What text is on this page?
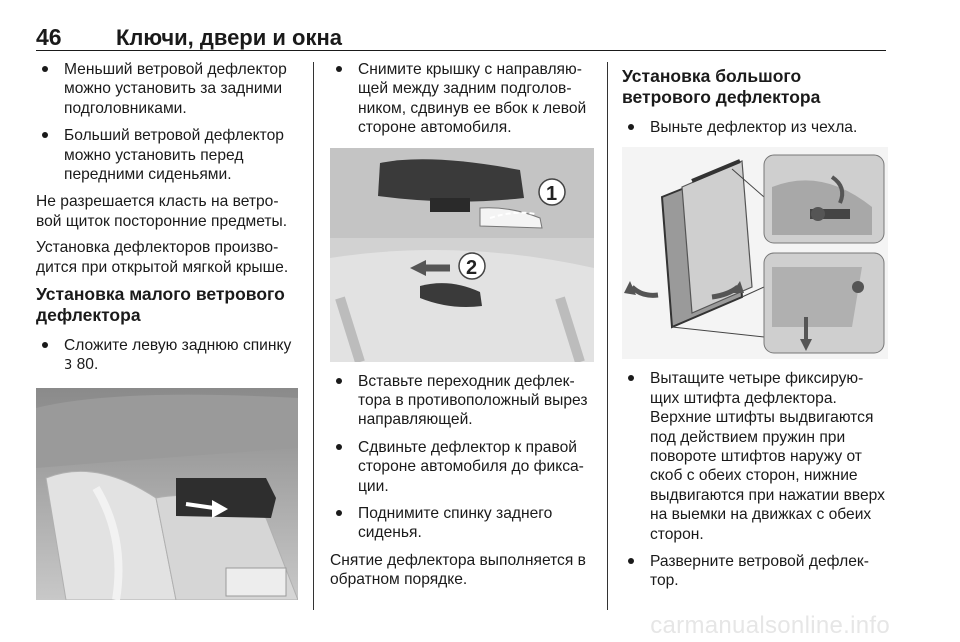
46 Ключи, двери и окна
Меньший ветровой дефлектор можно установить за задними подголовниками.
Больший ветровой дефлектор можно установить перед передними сиденьями.
Не разрешается класть на ветро-вой щиток посторонние предметы.
Установка дефлекторов произво-дится при открытой мягкой крыше.
Установка малого ветрового дефлектора
Сложите левую заднюю спинку 3 80.
Снимите крышку с направляю-щей между задним подголов-ником, сдвинув ее вбок к левой стороне автомобиля.
1
2
Вставьте переходник дефлек-тора в противоположный вырез направляющей.
Сдвиньте дефлектор к правой стороне автомобиля до фикса-ции.
Поднимите спинку заднего сиденья.
Снятие дефлектора выполняется в обратном порядке.
Установка большого ветрового дефлектора
Выньте дефлектор из чехла.
Вытащите четыре фиксирую-щих штифта дефлектора. Верхние штифты выдвигаются под действием пружин при повороте штифтов наружу от скоб с обеих сторон, нижние выдвигаются при нажатии вверх на выемки на движках с обеих сторон.
Разверните ветровой дефлек-тор.
carmanualsonline.info
